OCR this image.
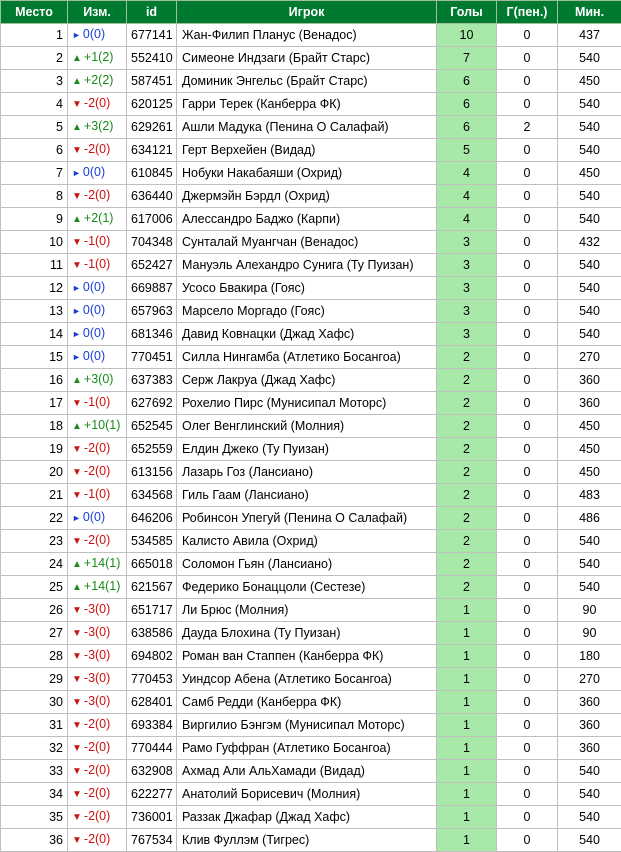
Место	Изм.	id	Игрок	Голы	Г(пен.)	Мин.
1	► 0(0)	677141	Жан-Филип Планус (Венадос)	10	0	437
2	▲ +1(2)	552410	Симеоне Индзаги (Брайт Старс)	7	0	540
3	▲ +2(2)	587451	Доминик Энгельс (Брайт Старс)	6	0	450
4	▼ -2(0)	620125	Гарри Терек (Канберра ФК)	6	0	540
5	▲ +3(2)	629261	Ашли Мадука (Пенина О Салафай)	6	2	540
6	▼ -2(0)	634121	Герт Верхейен (Видад)	5	0	540
7	► 0(0)	610845	Нобуки Накабаяши (Охрид)	4	0	450
8	▼ -2(0)	636440	Джермэйн Бэрдл (Охрид)	4	0	540
9	▲ +2(1)	617006	Алессандро Баджо (Карпи)	4	0	540
10	▼ -1(0)	704348	Сунталай Муангчан (Венадос)	3	0	432
11	▼ -1(0)	652427	Мануэль Алехандро Сунига (Ту Пуизан)	3	0	540
12	► 0(0)	669887	Усосо Бвакира (Гояс)	3	0	540
13	► 0(0)	657963	Марсело Моргадо (Гояс)	3	0	540
14	► 0(0)	681346	Давид Ковнацки (Джад Хафс)	3	0	540
15	► 0(0)	770451	Силла Нингамба (Атлетико Босангоа)	2	0	270
16	▲ +3(0)	637383	Серж Лакруа (Джад Хафс)	2	0	360
17	▼ -1(0)	627692	Рохелио Пирс (Мунисипал Моторс)	2	0	360
18	▲ +10(1)	652545	Олег Венглинский (Молния)	2	0	450
19	▼ -2(0)	652559	Елдин Джеко (Ту Пуизан)	2	0	450
20	▼ -2(0)	613156	Лазарь Гоз (Лансиано)	2	0	450
21	▼ -1(0)	634568	Гиль Гаам (Лансиано)	2	0	483
22	► 0(0)	646206	Робинсон Упегуй (Пенина О Салафай)	2	0	486
23	▼ -2(0)	534585	Калисто Авила (Охрид)	2	0	540
24	▲ +14(1)	665018	Соломон Гьян (Лансиано)	2	0	540
25	▲ +14(1)	621567	Федерико Бонаццоли (Сестезе)	2	0	540
26	▼ -3(0)	651717	Ли Брюс (Молния)	1	0	90
27	▼ -3(0)	638586	Дауда Блохина (Ту Пуизан)	1	0	90
28	▼ -3(0)	694802	Роман ван Стаппен (Канберра ФК)	1	0	180
29	▼ -3(0)	770453	Уиндсор Абена (Атлетико Босангоа)	1	0	270
30	▼ -3(0)	628401	Самб Редди (Канберра ФК)	1	0	360
31	▼ -2(0)	693384	Виргилио Бэнгэм (Мунисипал Моторс)	1	0	360
32	▼ -2(0)	770444	Рамо Гуффран (Атлетико Босангоа)	1	0	360
33	▼ -2(0)	632908	Ахмад Али АльХамади (Видад)	1	0	540
34	▼ -2(0)	622277	Анатолий Борисевич (Молния)	1	0	540
35	▼ -2(0)	736001	Раззак Джафар (Джад Хафс)	1	0	540
36	▼ -2(0)	767534	Клив Фуллэм (Тигрес)	1	0	540
